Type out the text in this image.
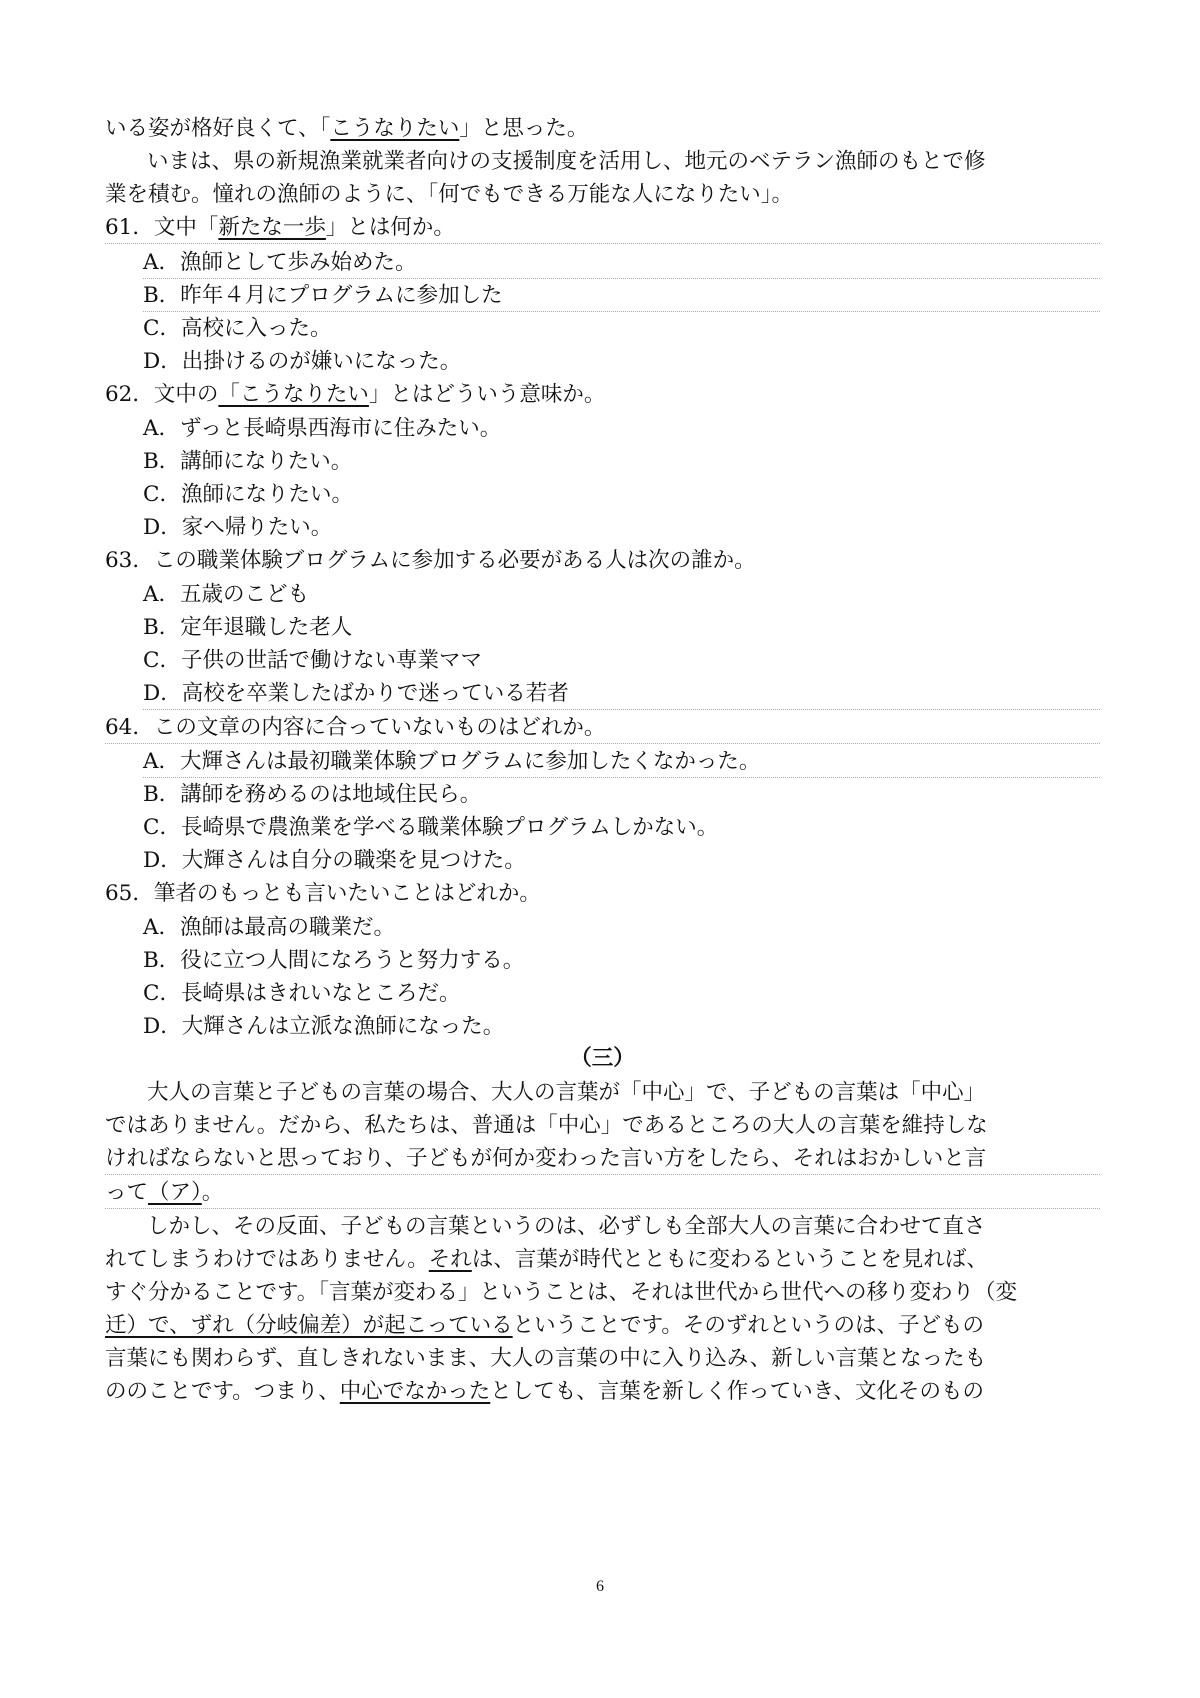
いる姿が格好良くて、「こうなりたい」と思った。
いまは、県の新規漁業就業者向けの支援制度を活用し、地元のベテラン漁師のもとで修
業を積む。憧れの漁師のように、「何でもできる万能な人になりたい」。
61．文中「新たな一歩」とは何か。
A．漁師として歩み始めた。
B．昨年４月にプログラムに参加した
C．高校に入った。
D．出掛けるのが嫌いになった。
62．文中の「こうなりたい」とはどういう意味か。
A．ずっと長崎県西海市に住みたい。
B．講師になりたい。
C．漁師になりたい。
D．家へ帰りたい。
63．この職業体験ブログラムに参加する必要がある人は次の誰か。
A．五歳のこども
B．定年退職した老人
C．子供の世話で働けない専業ママ
D．高校を卒業したばかりで迷っている若者
64．この文章の内容に合っていないものはどれか。
A．大輝さんは最初職業体験ブログラムに参加したくなかった。
B．講師を務めるのは地域住民ら。
C．長崎県で農漁業を学べる職業体験プログラムしかない。
D．大輝さんは自分の職楽を見つけた。
65．筆者のもっとも言いたいことはどれか。
A．漁師は最高の職業だ。
B．役に立つ人間になろうと努力する。
C．長崎県はきれいなところだ。
D．大輝さんは立派な漁師になった。
（三）
大人の言葉と子どもの言葉の場合、大人の言葉が「中心」で、子どもの言葉は「中心」
ではありません。だから、私たちは、普通は「中心」であるところの大人の言葉を維持しな
ければならないと思っており、子どもが何か変わった言い方をしたら、それはおかしいと言
って（ア）。
しかし、その反面、子どもの言葉というのは、必ずしも全部大人の言葉に合わせて直さ
れてしまうわけではありません。それは、言葉が時代とともに変わるということを見れば、
すぐ分かることです。「言葉が変わる」ということは、それは世代から世代への移り変わり（変
迁）で、ずれ（分岐偏差）が起こっているということです。そのずれというのは、子どもの
言葉にも関わらず、直しきれないまま、大人の言葉の中に入り込み、新しい言葉となったも
ののことです。つまり、中心でなかったとしても、言葉を新しく作っていき、文化そのもの
6
